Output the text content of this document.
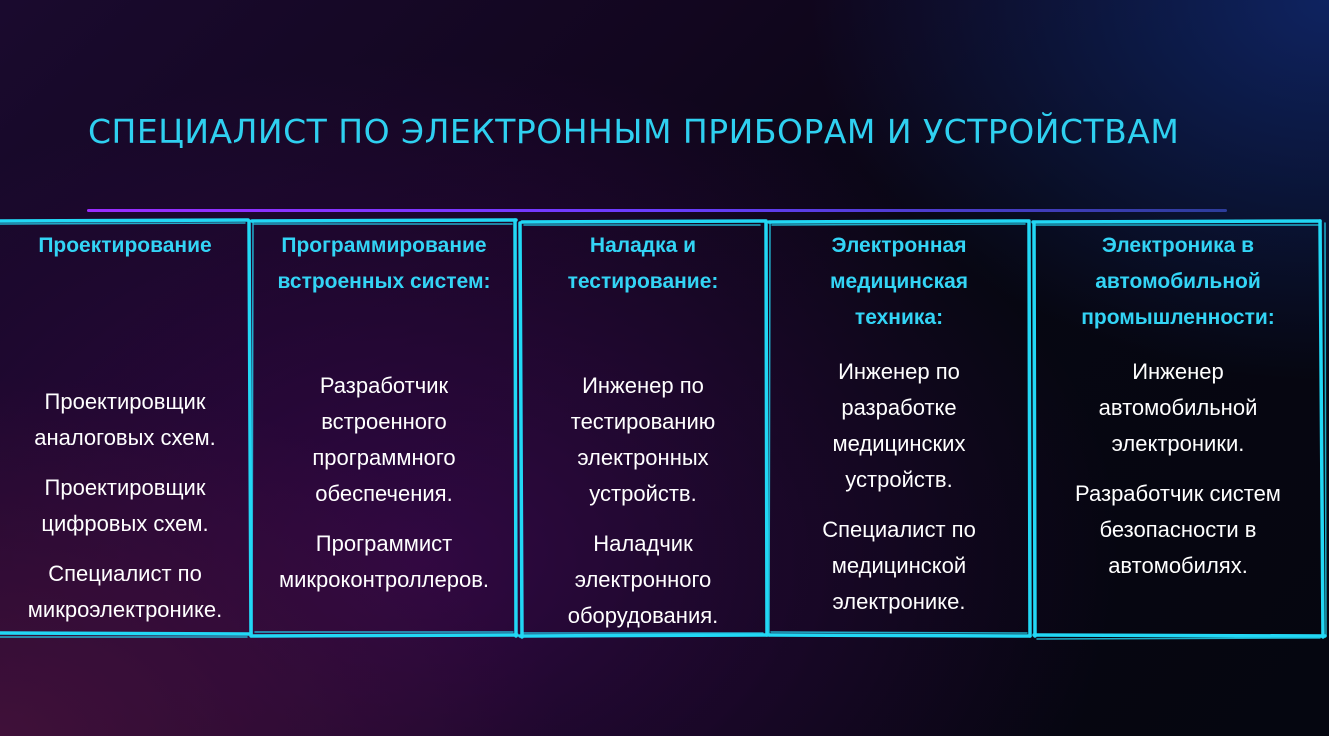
СПЕЦИАЛИСТ ПО ЭЛЕКТРОННЫМ ПРИБОРАМ И УСТРОЙСТВАМ
Проектирование

Проектировщик аналоговых схем.

Проектировщик цифровых схем.

Специалист по микроэлектронике.

Программирование встроенных систем:

Разработчик встроенного программного обеспечения.

Программист микроконтроллеров.

Наладка и тестирование:

Инженер по тестированию электронных устройств.

Наладчик электронного оборудования.

Электронная медицинская техника:

Инженер по разработке медицинских устройств.

Специалист по медицинской электронике.

Электроника в автомобильной промышленности:

Инженер автомобильной электроники.

Разработчик систем безопасности в автомобилях.
